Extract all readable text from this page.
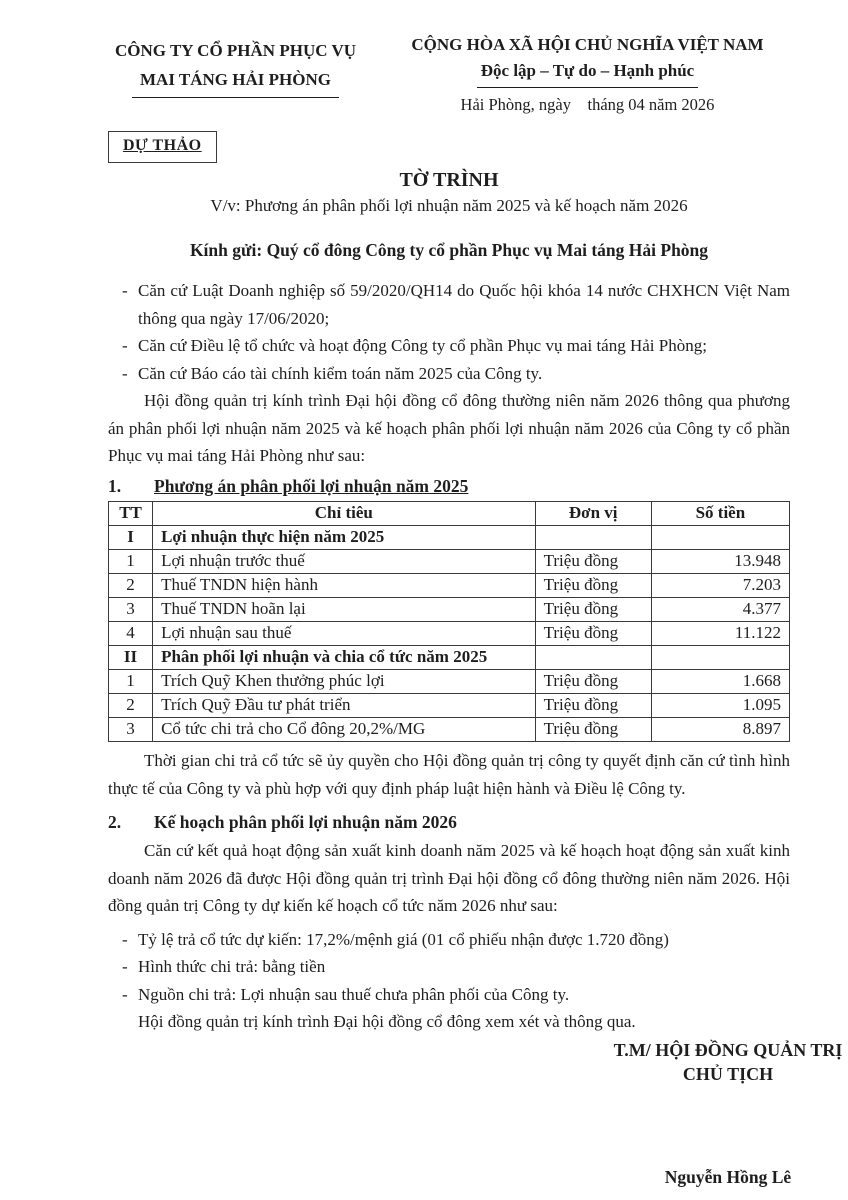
CÔNG TY CỔ PHẦN PHỤC VỤ
MAI TÁNG HẢI PHÒNG
CỘNG HÒA XÃ HỘI CHỦ NGHĨA VIỆT NAM
Độc lập – Tự do – Hạnh phúc
Hải Phòng, ngày    tháng 04 năm 2026
DỰ THẢO
TỜ TRÌNH
V/v: Phương án phân phối lợi nhuận năm 2025 và kế hoạch năm 2026
Kính gửi: Quý cổ đông Công ty cổ phần Phục vụ Mai táng Hải Phòng
- Căn cứ Luật Doanh nghiệp số 59/2020/QH14 do Quốc hội khóa 14 nước CHXHCN Việt Nam thông qua ngày 17/06/2020;
- Căn cứ Điều lệ tổ chức và hoạt động Công ty cổ phần Phục vụ mai táng Hải Phòng;
- Căn cứ Báo cáo tài chính kiểm toán năm 2025 của Công ty.
Hội đồng quản trị kính trình Đại hội đồng cổ đông thường niên năm 2026 thông qua phương án phân phối lợi nhuận năm 2025 và kế hoạch phân phối lợi nhuận năm 2026 của Công ty cổ phần Phục vụ mai táng Hải Phòng như sau:
1.	Phương án phân phối lợi nhuận năm 2025
TT	Chỉ tiêu	Đơn vị	Số tiền
I	Lợi nhuận thực hiện năm 2025		
1	Lợi nhuận trước thuế	Triệu đồng	13.948
2	Thuế TNDN hiện hành	Triệu đồng	7.203
3	Thuế TNDN hoãn lại	Triệu đồng	4.377
4	Lợi nhuận sau thuế	Triệu đồng	11.122
II	Phân phối lợi nhuận và chia cổ tức năm 2025		
1	Trích Quỹ Khen thưởng phúc lợi	Triệu đồng	1.668
2	Trích Quỹ Đầu tư phát triển	Triệu đồng	1.095
3	Cổ tức chi trả cho Cổ đông 20,2%/MG	Triệu đồng	8.897
Thời gian chi trả cổ tức sẽ ủy quyền cho Hội đồng quản trị công ty quyết định căn cứ tình hình thực tế của Công ty và phù hợp với quy định pháp luật hiện hành và Điều lệ Công ty.
2.	Kế hoạch phân phối lợi nhuận năm 2026
Căn cứ kết quả hoạt động sản xuất kinh doanh năm 2025 và kế hoạch hoạt động sản xuất kinh doanh năm 2026 đã được Hội đồng quản trị trình Đại hội đồng cổ đông thường niên năm 2026. Hội đồng quản trị Công ty dự kiến kế hoạch cổ tức năm 2026 như sau:
- Tỷ lệ trả cổ tức dự kiến: 17,2%/mệnh giá (01 cổ phiếu nhận được 1.720 đồng)
- Hình thức chi trả: bằng tiền
- Nguồn chi trả: Lợi nhuận sau thuế chưa phân phối của Công ty.
Hội đồng quản trị kính trình Đại hội đồng cổ đông xem xét và thông qua.
T.M/ HỘI ĐỒNG QUẢN TRỊ
CHỦ TỊCH
Nguyễn Hồng Lê
